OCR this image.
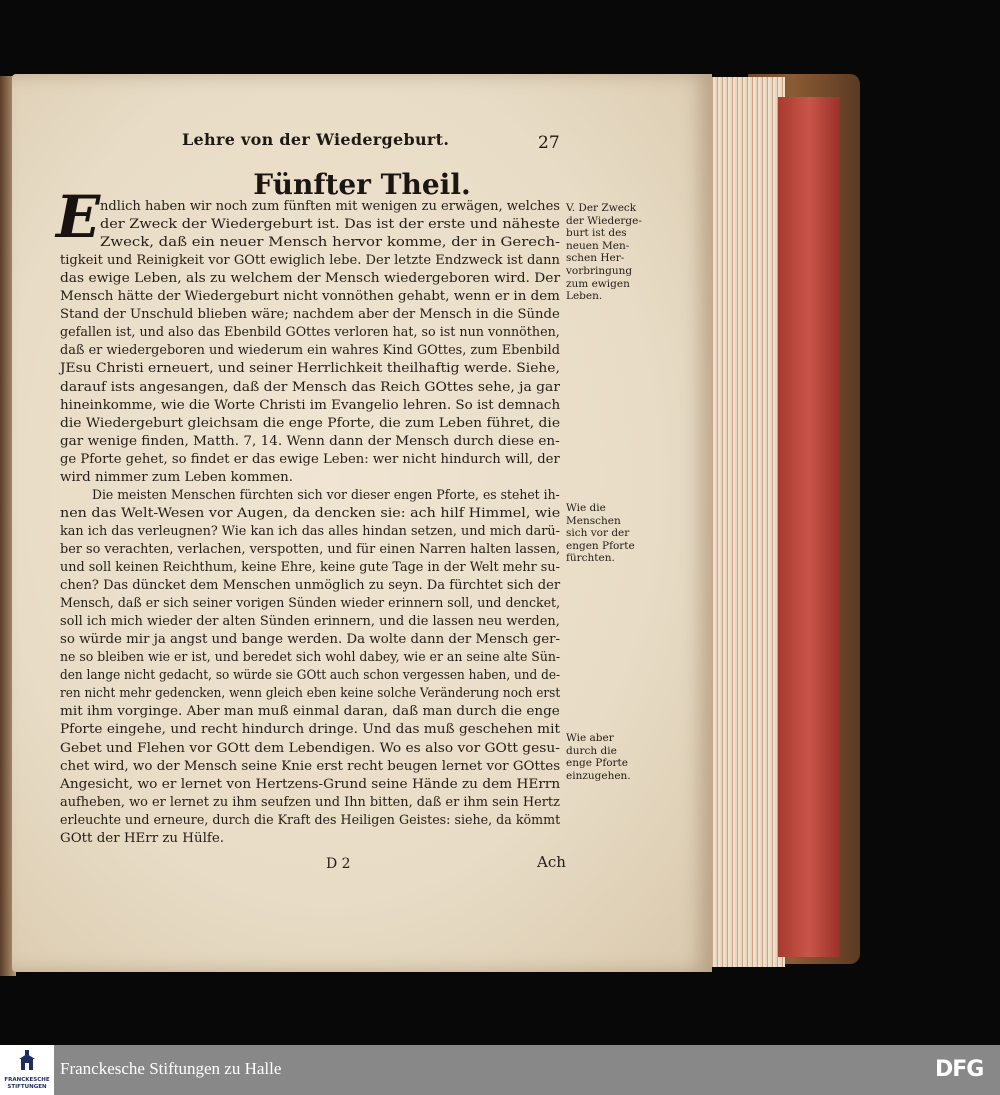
Lehre von der Wiedergeburt.	27
Fünfter Theil.
E ndlich haben wir noch zum fünften mit wenigen zu erwägen, welches
der Zweck der Wiedergeburt ist. Das ist der erste und näheste
Zweck, daß ein neuer Mensch hervor komme, der in Gerech-
tigkeit und Reinigkeit vor GOtt ewiglich lebe. Der letzte Endzweck ist dann
das ewige Leben, als zu welchem der Mensch wiedergeboren wird. Der
Mensch hätte der Wiedergeburt nicht vonnöthen gehabt, wenn er in dem
Stand der Unschuld blieben wäre; nachdem aber der Mensch in die Sünde
gefallen ist, und also das Ebenbild GOttes verloren hat, so ist nun vonnöthen,
daß er wiedergeboren und wiederum ein wahres Kind GOttes, zum Ebenbild
JEsu Christi erneuert, und seiner Herrlichkeit theilhaftig werde. Siehe,
darauf ists angesangen, daß der Mensch das Reich GOttes sehe, ja gar
hineinkomme, wie die Worte Christi im Evangelio lehren. So ist demnach
die Wiedergeburt gleichsam die enge Pforte, die zum Leben führet, die
gar wenige finden, Matth. 7, 14. Wenn dann der Mensch durch diese en-
ge Pforte gehet, so findet er das ewige Leben: wer nicht hindurch will, der
wird nimmer zum Leben kommen.
Die meisten Menschen fürchten sich vor dieser engen Pforte, es stehet ih-
nen das Welt-Wesen vor Augen, da dencken sie: ach hilf Himmel, wie
kan ich das verleugnen? Wie kan ich das alles hindan setzen, und mich darü-
ber so verachten, verlachen, verspotten, und für einen Narren halten lassen,
und soll keinen Reichthum, keine Ehre, keine gute Tage in der Welt mehr su-
chen? Das düncket dem Menschen unmöglich zu seyn. Da fürchtet sich der
Mensch, daß er sich seiner vorigen Sünden wieder erinnern soll, und dencket,
soll ich mich wieder der alten Sünden erinnern, und die lassen neu werden,
so würde mir ja angst und bange werden. Da wolte dann der Mensch ger-
ne so bleiben wie er ist, und beredet sich wohl dabey, wie er an seine alte Sün-
den lange nicht gedacht, so würde sie GOtt auch schon vergessen haben, und de-
ren nicht mehr gedencken, wenn gleich eben keine solche Veränderung noch erst
mit ihm vorginge. Aber man muß einmal daran, daß man durch die enge
Pforte eingehe, und recht hindurch dringe. Und das muß geschehen mit
Gebet und Flehen vor GOtt dem Lebendigen. Wo es also vor GOtt gesu-
chet wird, wo der Mensch seine Knie erst recht beugen lernet vor GOttes
Angesicht, wo er lernet von Hertzens-Grund seine Hände zu dem HErrn
aufheben, wo er lernet zu ihm seufzen und Ihn bitten, daß er ihm sein Hertz
erleuchte und erneure, durch die Kraft des Heiligen Geistes: siehe, da kömmt
GOtt der HErr zu Hülfe.
V. Der Zweck
der Wiederge-
burt ist des
neuen Men-
schen Her-
vorbringung
zum ewigen
Leben.
Wie die
Menschen
sich vor der
engen Pforte
fürchten.
Wie aber
durch die
enge Pforte
einzugehen.
D 2	Ach
FRANCKESCHE STIFTUNGEN
Franckesche Stiftungen zu Halle	DFG
